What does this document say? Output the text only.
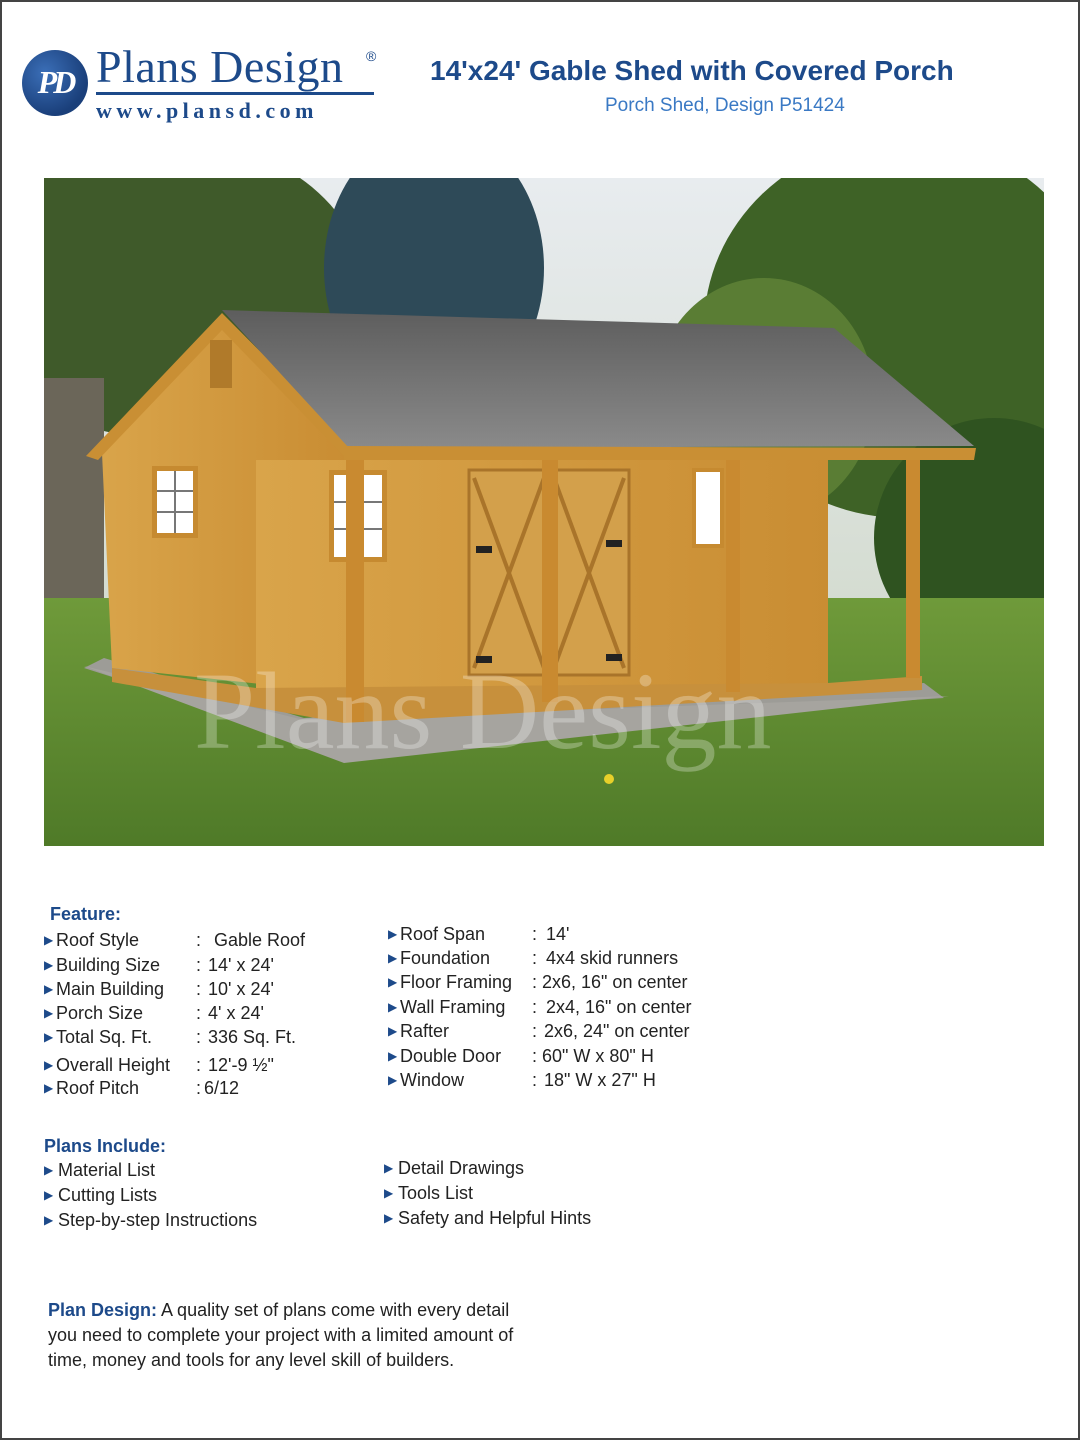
PD Plans Design ®
www.plansd.com
14'x24' Gable Shed with Covered Porch
Porch Shed, Design P51424
Plans Design
Feature:
▶ Roof Style	: Gable Roof
▶ Building Size : 14' x 24'
▶ Main Building : 10' x 24'
▶ Porch Size	: 4' x 24'
▶ Total Sq. Ft. : 336 Sq. Ft.
▶ Overall Height : 12'-9 ½"
▶ Roof Pitch	: 6/12
▶ Roof Span	: 14'
▶ Foundation : 4x4 skid runners
▶ Floor Framing : 2x6, 16" on center
▶ Wall Framing : 2x4, 16" on center
▶ Rafter	: 2x6, 24" on center
▶ Double Door : 60" W x 80" H
▶ Window	: 18" W x 27" H
Plans Include:
▶ Material List
▶ Cutting Lists
▶ Step-by-step Instructions
▶ Detail Drawings
▶ Tools List
▶ Safety and Helpful Hints
Plan Design: A quality set of plans come with every detail
you need to complete your project with a limited amount of
time, money and tools for any level skill of builders.
